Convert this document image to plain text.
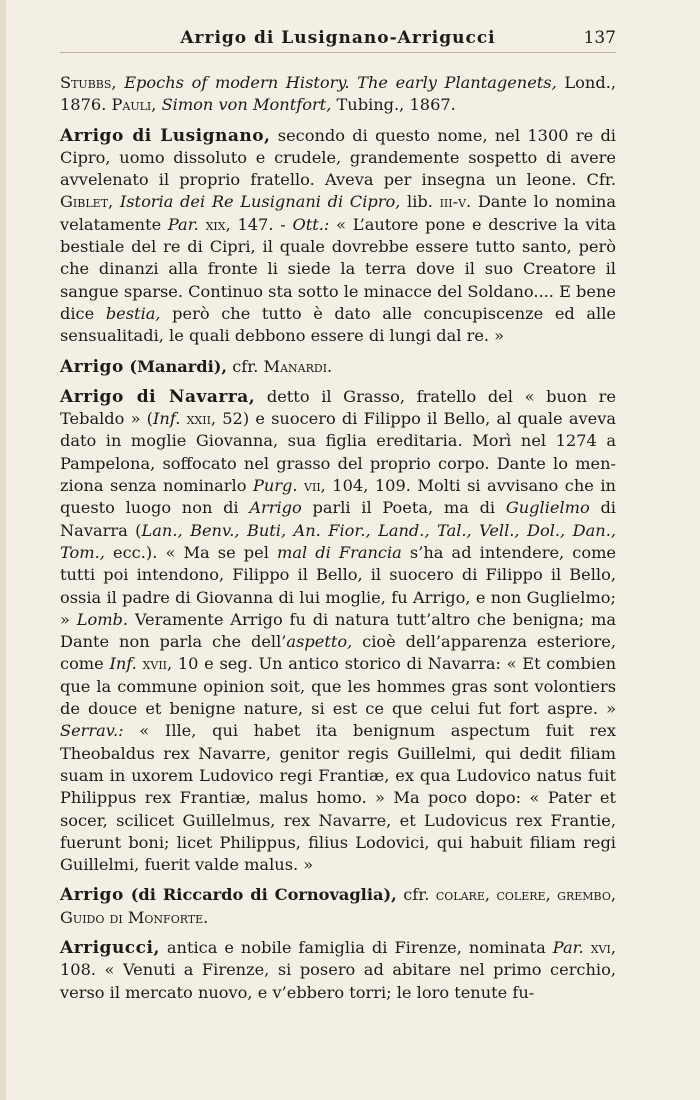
Arrigo di Lusignano-Arrigucci	137

Stubbs, Epochs of modern History. The early Plantagenets, Lond., 1876. Pauli, Simon von Montfort, Tubing., 1867.

Arrigo di Lusignano, secondo di questo nome, nel 1300 re di Cipro, uomo dissoluto e crudele, grandemente sospetto di avere avvelenato il proprio fratello. Aveva per insegna un leone. Cfr. Giblet, Istoria dei Re Lusignani di Cipro, lib. iii-v. Dante lo nomina velatamente Par. xix, 147. - Ott.: « L’autore pone e descrive la vita bestiale del re di Cipri, il quale dovrebbe essere tutto santo, però che dinanzi alla fronte li siede la terra dove il suo Creatore il sangue sparse. Continuo sta sotto le minacce del Soldano.... E bene dice bestia, però che tutto è dato alle concupiscenze ed alle sensualitadi, le quali debbono essere di lungi dal re. »

Arrigo (Manardi), cfr. Manardi.

Arrigo di Navarra, detto il Grasso, fratello del « buon re Tebaldo » (Inf. xxii, 52) e suocero di Filippo il Bello, al quale aveva dato in moglie Giovanna, sua figlia ereditaria. Morì nel 1274 a Pampelona, soffocato nel grasso del proprio corpo. Dante lo menziona senza nominarlo Purg. vii, 104, 109. Molti si avvisano che in questo luogo non di Arrigo parli il Poeta, ma di Guglielmo di Navarra (Lan., Benv., Buti, An. Fior., Land., Tal., Vell., Dol., Dan., Tom., ecc.). « Ma se pel mal di Francia s’ha ad intendere, come tutti poi intendono, Filippo il Bello, il suocero di Filippo il Bello, ossia il padre di Giovanna di lui moglie, fu Arrigo, e non Guglielmo; » Lomb. Veramente Arrigo fu di natura tutt’altro che benigna; ma Dante non parla che dell’aspetto, cioè dell’apparenza esteriore, come Inf. xvii, 10 e seg. Un antico storico di Navarra: « Et combien que la commune opinion soit, que les hommes gras sont volontiers de douce et benigne nature, si est ce que celui fut fort aspre. » Serrav.: « Ille, qui habet ita benignum aspectum fuit rex Theobaldus rex Navarre, genitor regis Guillelmi, qui dedit filiam suam in uxorem Ludovico regi Frantiæ, ex qua Ludovico natus fuit Philippus rex Frantiæ, malus homo. » Ma poco dopo: « Pater et socer, scilicet Guillelmus, rex Navarre, et Ludovicus rex Frantie, fuerunt boni; licet Philippus, filius Lodovici, qui habuit filiam regi Guillelmi, fuerit valde malus. »

Arrigo (di Riccardo di Cornovaglia), cfr. colare, colere, grembo, Guido di Monforte.

Arrigucci, antica e nobile famiglia di Firenze, nominata Par. xvi, 108. « Venuti a Firenze, si posero ad abitare nel primo cerchio, verso il mercato nuovo, e v’ebbero torri; le loro tenute fu-
